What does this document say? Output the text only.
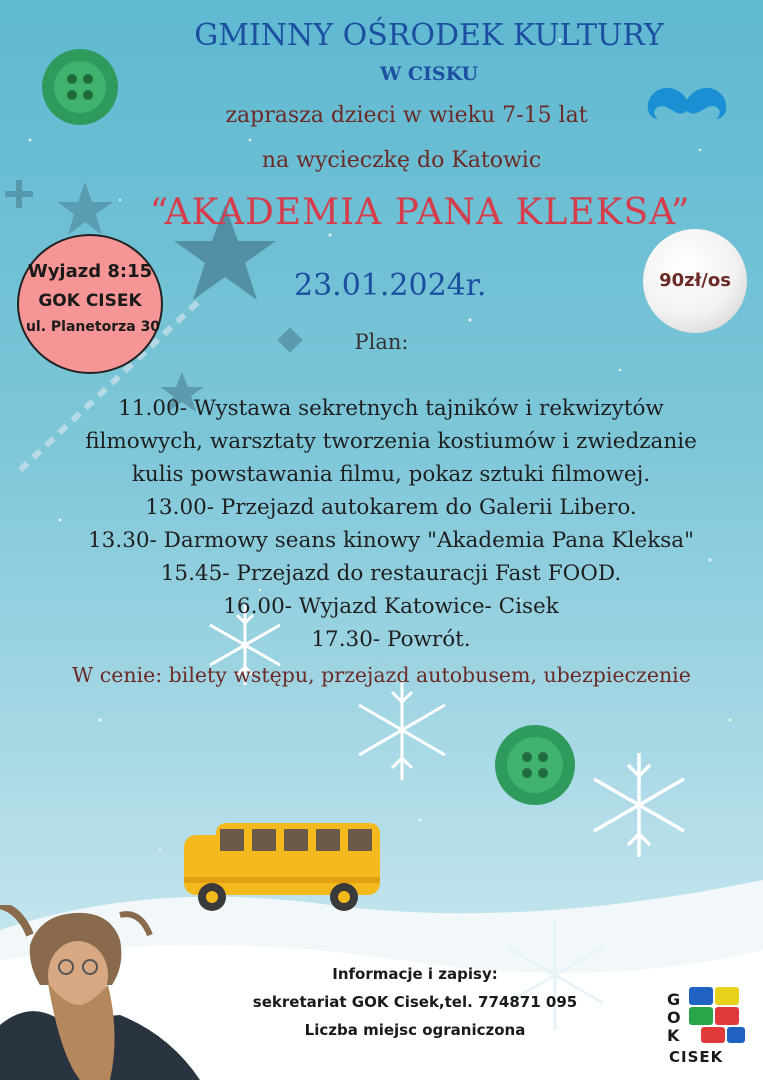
GMINNY OŚRODEK KULTURY
W CISKU
zaprasza dzieci w wieku 7-15 lat
na wycieczkę do Katowic
“AKADEMIA PANA KLEKSA”
23.01.2024r.
Wyjazd 8:15
GOK CISEK
ul. Planetorza 30
90zł/os
Plan:
11.00- Wystawa sekretnych tajników i rekwizytów
filmowych, warsztaty tworzenia kostiumów i zwiedzanie
kulis powstawania filmu, pokaz sztuki filmowej.
13.00- Przejazd autokarem do Galerii Libero.
13.30- Darmowy seans kinowy "Akademia Pana Kleksa"
15.45- Przejazd do restauracji Fast FOOD.
16.00- Wyjazd Katowice- Cisek
17.30- Powrót.
W cenie: bilety wstępu, przejazd autobusem, ubezpieczenie
Informacje i zapisy:
sekretariat GOK Cisek,tel. 774871 095
Liczba miejsc ograniczona
G
O
K
CISEK
